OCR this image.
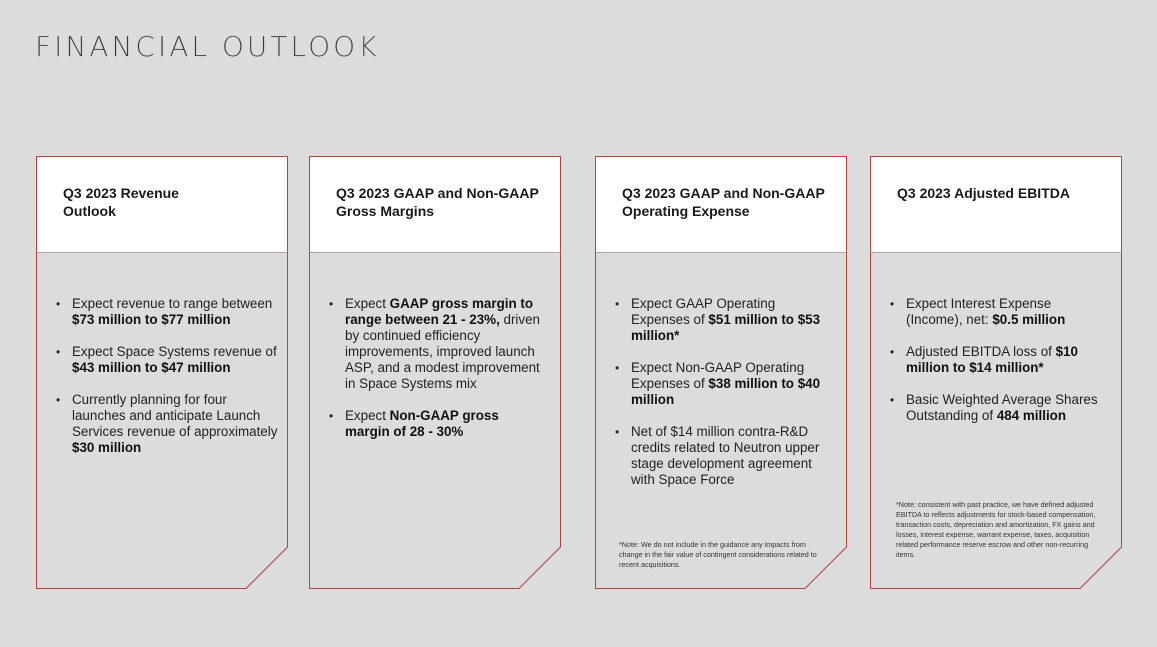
FINANCIAL OUTLOOK
Q3 2023 Revenue Outlook
• Expect revenue to range between $73 million to $77 million
• Expect Space Systems revenue of $43 million to $47 million
• Currently planning for four launches and anticipate Launch Services revenue of approximately $30 million
Q3 2023 GAAP and Non-GAAP Gross Margins
• Expect GAAP gross margin to range between 21 - 23%, driven by continued efficiency improvements, improved launch ASP, and a modest improvement in Space Systems mix
• Expect Non-GAAP gross margin of 28 - 30%
Q3 2023 GAAP and Non-GAAP Operating Expense
• Expect GAAP Operating Expenses of $51 million to $53 million*
• Expect Non-GAAP Operating Expenses of $38 million to $40 million
• Net of $14 million contra-R&D credits related to Neutron upper stage development agreement with Space Force
*Note: We do not include in the guidance any impacts from change in the fair value of contingent considerations related to recent acquisitions.
Q3 2023 Adjusted EBITDA
• Expect Interest Expense (Income), net: $0.5 million
• Adjusted EBITDA loss of $10 million to $14 million*
• Basic Weighted Average Shares Outstanding of 484 million
*Note: consistent with past practice, we have defined adjusted EBITDA to reflects adjustments for stock-based compensation, transaction costs, depreciation and amortization, FX gains and losses, interest expense, warrant expense, taxes, acquisition related performance reserve escrow and other non-recurring items.
